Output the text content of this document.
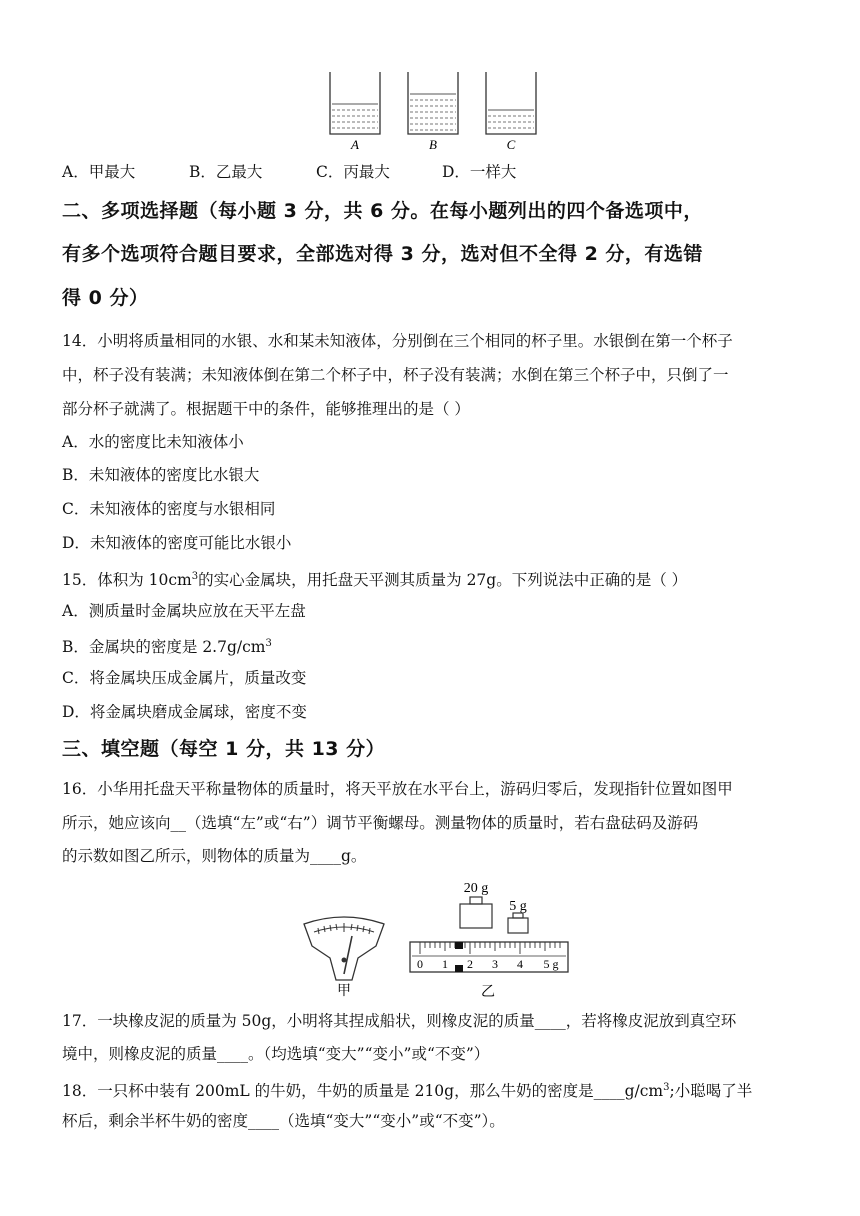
A	B	C
A．甲最大	B．乙最大	C．丙最大	D．一样大
二、多项选择题（每小题 3 分，共 6 分。在每小题列出的四个备选项中，
有多个选项符合题目要求，全部选对得 3 分，选对但不全得 2 分，有选错
得 0 分）
14．小明将质量相同的水银、水和某未知液体，分别倒在三个相同的杯子里。水银倒在第一个杯子
中，杯子没有装满；未知液体倒在第二个杯子中，杯子没有装满；水倒在第三个杯子中，只倒了一
部分杯子就满了。根据题干中的条件，能够推理出的是（ ）
A．水的密度比未知液体小
B．未知液体的密度比水银大
C．未知液体的密度与水银相同
D．未知液体的密度可能比水银小
15．体积为 $10cm^3$的实心金属块，用托盘天平测其质量为 27g。下列说法中正确的是（ ）
A．测质量时金属块应放在天平左盘
B．金属块的密度是 $2.7g/cm^3$
C．将金属块压成金属片，质量改变
D．将金属块磨成金属球，密度不变
三、填空题（每空 1 分，共 13 分）
16．小华用托盘天平称量物体的质量时，将天平放在水平台上，游码归零后，发现指针位置如图甲
所示，她应该向__（选填“左”或“右”）调节平衡螺母。测量物体的质量时，若右盘砝码及游码
的示数如图乙所示，则物体的质量为____g。
甲
20 g
5 g
0 1 2 3 4 5 g
乙
17．一块橡皮泥的质量为 50g，小明将其捏成船状，则橡皮泥的质量____，若将橡皮泥放到真空环
境中，则橡皮泥的质量____。（均选填“变大”“变小”或“不变”）
18．一只杯中装有 200mL 的牛奶，牛奶的质量是 210g，那么牛奶的密度是$\_\_\_\_g/cm^3$;小聪喝了半
杯后，剩余半杯牛奶的密度____（选填“变大”“变小”或“不变”）。
